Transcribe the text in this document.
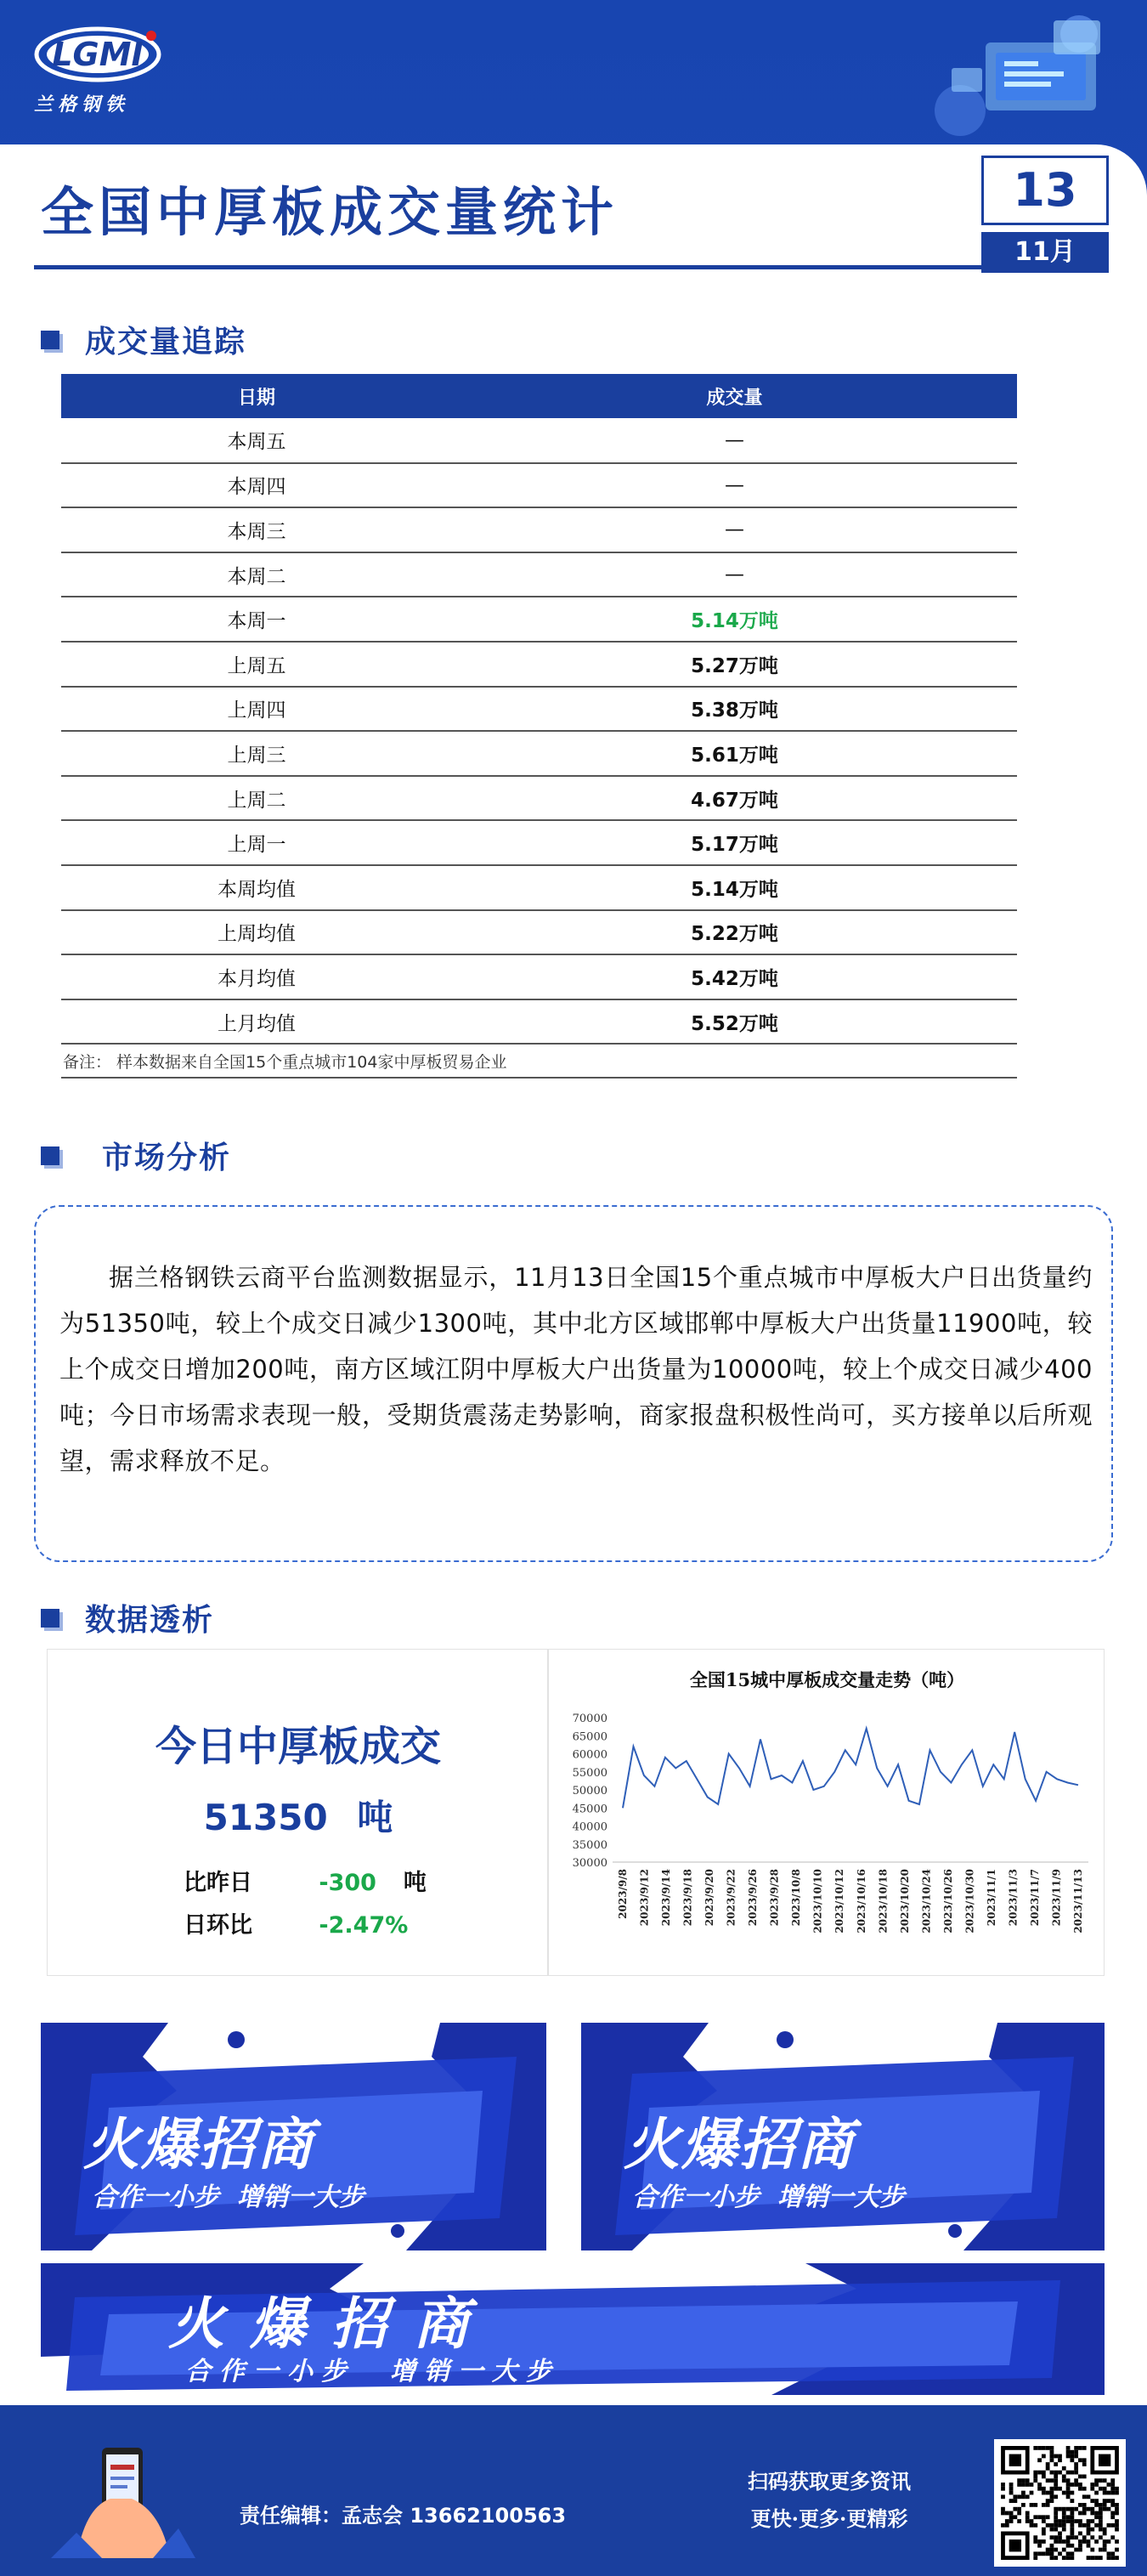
LGMI
兰格钢铁
全国中厚板成交量统计	13
11月
成交量追踪
日期	成交量
本周五	—
本周四	—
本周三	—
本周二	—
本周一	5.14万吨
上周五	5.27万吨
上周四	5.38万吨
上周三	5.61万吨
上周二	4.67万吨
上周一	5.17万吨
本周均值	5.14万吨
上周均值	5.22万吨
本月均值	5.42万吨
上月均值	5.52万吨
备注： 样本数据来自全国15个重点城市104家中厚板贸易企业
市场分析

据兰格钢铁云商平台监测数据显示，11月13日全国15个重点城市中厚板大户日出货量约为51350吨，较上个成交日减少1300吨，其中北方区域邯郸中厚板大户出货量11900吨，较上个成交日增加200吨，南方区域江阴中厚板大户出货量为10000吨，较上个成交日减少400吨；今日市场需求表现一般，受期货震荡走势影响，商家报盘积极性尚可，买方接单以后所观望，需求释放不足。

数据透析
今日中厚板成交
51350 吨
比昨日	-300 吨
日环比	-2.47%
全国15城中厚板成交量走势（吨）
70000
65000
60000
55000
50000
45000
40000
35000
30000
2023/9/8 2023/9/12 2023/9/14 2023/9/18 2023/9/20 2023/9/22 2023/9/26 2023/9/28 2023/10/8 2023/10/10 2023/10/12 2023/10/16 2023/10/18 2023/10/20 2023/10/24 2023/10/26 2023/10/30 2023/11/1 2023/11/3 2023/11/7 2023/11/9 2023/11/13
火爆招商
合作一小步  增销一大步
火爆招商
合作一小步  增销一大步
火爆招商
合作一小步  增销一大步
责任编辑：孟志会 13662100563
扫码获取更多资讯
更快·更多·更精彩
